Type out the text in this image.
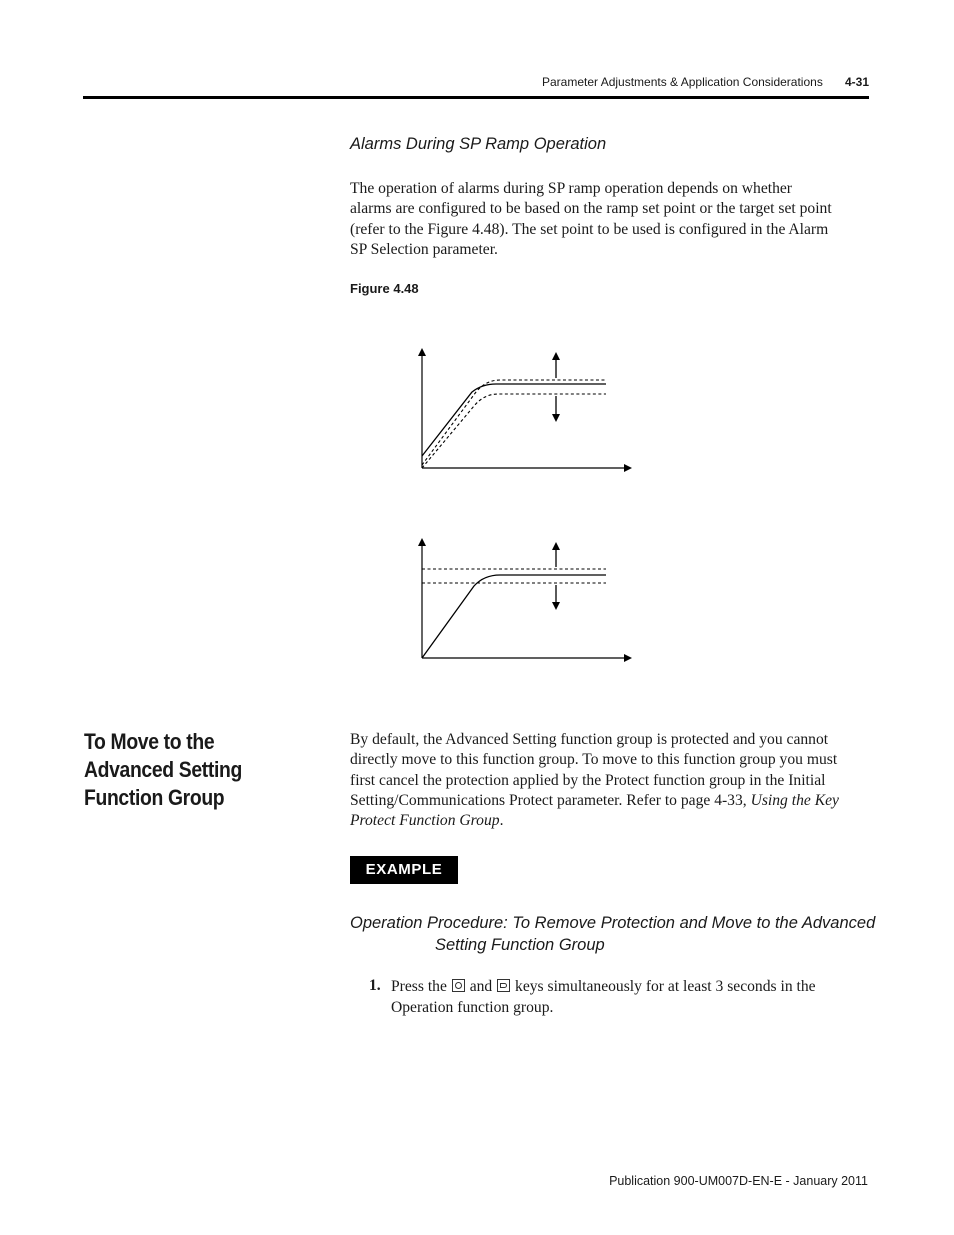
Parameter Adjustments & Application Considerations 4-31
Alarms During SP Ramp Operation
The operation of alarms during SP ramp operation depends on whether
alarms are configured to be based on the ramp set point or the target set point
(refer to the Figure 4.48). The set point to be used is configured in the Alarm
SP Selection parameter.
Figure 4.48
To Move to the Advanced Setting Function Group
By default, the Advanced Setting function group is protected and you cannot
directly move to this function group. To move to this function group you must
first cancel the protection applied by the Protect function group in the Initial
Setting/Communications Protect parameter. Refer to page 4-33, Using the Key
Protect Function Group.
EXAMPLE
Operation Procedure: To Remove Protection and Move to the Advanced
Setting Function Group
1. Press the and keys simultaneously for at least 3 seconds in the
Operation function group.
Publication 900-UM007D-EN-E - January 2011
